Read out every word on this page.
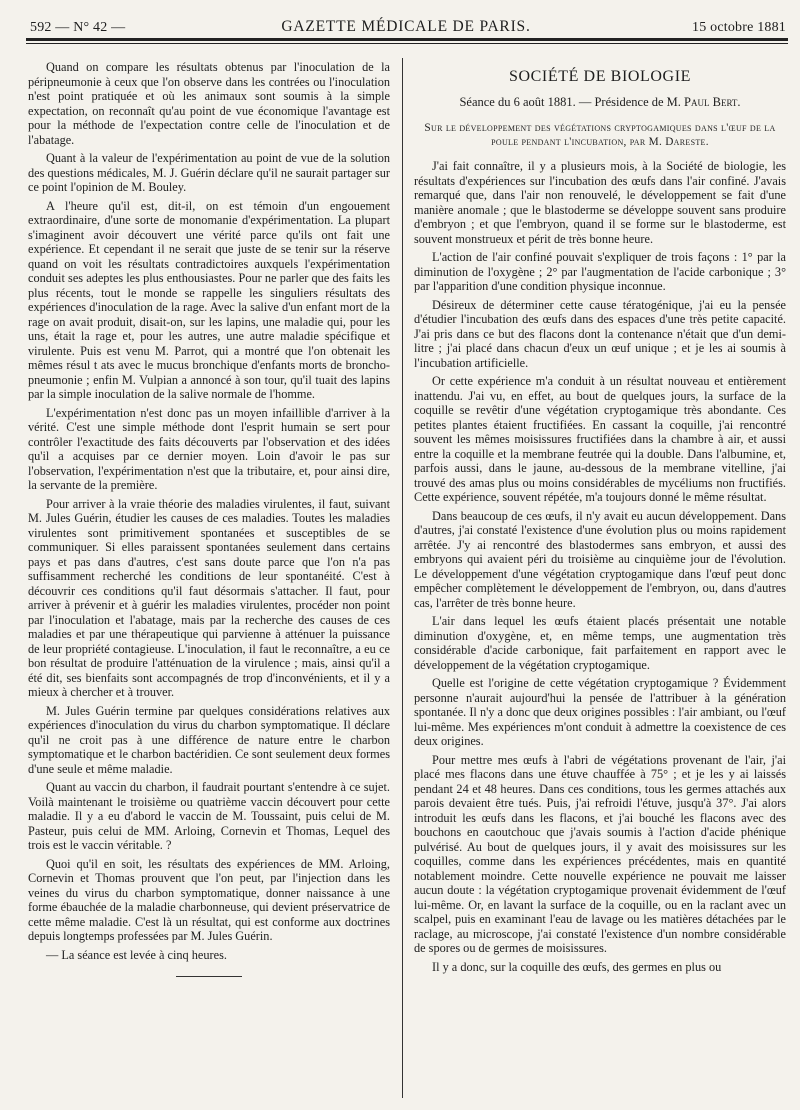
592 — N° 42 —	GAZETTE MÉDICALE DE PARIS.	15 octobre 1881

Quand on compare les résultats obtenus par l'inoculation de la péripneumonie à ceux que l'on observe dans les contrées ou l'inoculation n'est point pratiquée et où les animaux sont soumis à la simple expectation, on reconnaît qu'au point de vue économique l'avantage est pour la méthode de l'expectation contre celle de l'inoculation et de l'abatage.

Quant à la valeur de l'expérimentation au point de vue de la solution des questions médicales, M. J. Guérin déclare qu'il ne saurait partager sur ce point l'opinion de M. Bouley.

A l'heure qu'il est, dit-il, on est témoin d'un engouement extraordinaire, d'une sorte de monomanie d'expérimentation. La plupart s'imaginent avoir découvert une vérité parce qu'ils ont fait une expérience. Et cependant il ne serait que juste de se tenir sur la réserve quand on voit les résultats contradictoires auxquels l'expérimentation conduit ses adeptes les plus enthousiastes. Pour ne parler que des faits les plus récents, tout le monde se rappelle les singuliers résultats des expériences d'inoculation de la rage. Avec la salive d'un enfant mort de la rage on avait produit, disait-on, sur les lapins, une maladie qui, pour les uns, était la rage et, pour les autres, une autre maladie spécifique et virulente. Puis est venu M. Parrot, qui a montré que l'on obtenait les mêmes résul t ats avec le mucus bronchique d'enfants morts de broncho-pneumonie ; enfin M. Vulpian a annoncé à son tour, qu'il tuait des lapins par la simple inoculation de la salive normale de l'homme.

L'expérimentation n'est donc pas un moyen infaillible d'arriver à la vérité. C'est une simple méthode dont l'esprit humain se sert pour contrôler l'exactitude des faits découverts par l'observation et des idées qu'il a acquises par ce dernier moyen. Loin d'avoir le pas sur l'observation, l'expérimentation n'est que la tributaire, et, pour ainsi dire, la servante de la première.

Pour arriver à la vraie théorie des maladies virulentes, il faut, suivant M. Jules Guérin, étudier les causes de ces maladies. Toutes les maladies virulentes sont primitivement spontanées et susceptibles de se communiquer. Si elles paraissent spontanées seulement dans certains pays et pas dans d'autres, c'est sans doute parce que l'on n'a pas suffisamment recherché les conditions de leur spontanéité. C'est à découvrir ces conditions qu'il faut désormais s'attacher. Il faut, pour arriver à prévenir et à guérir les maladies virulentes, procéder non point par l'inoculation et l'abatage, mais par la recherche des causes de ces maladies et par une thérapeutique qui parvienne à atténuer la puissance de leur propriété contagieuse. L'inoculation, il faut le reconnaître, a eu ce bon résultat de produire l'atténuation de la virulence ; mais, ainsi qu'il a été dit, ses bienfaits sont accompagnés de trop d'inconvénients, et il y a mieux à chercher et à trouver.

M. Jules Guérin termine par quelques considérations relatives aux expériences d'inoculation du virus du charbon symptomatique. Il déclare qu'il ne croit pas à une différence de nature entre le charbon symptomatique et le charbon bactéridien. Ce sont seulement deux formes d'une seule et même maladie.

Quant au vaccin du charbon, il faudrait pourtant s'entendre à ce sujet. Voilà maintenant le troisième ou quatrième vaccin découvert pour cette maladie. Il y a eu d'abord le vaccin de M. Toussaint, puis celui de M. Pasteur, puis celui de MM. Arloing, Cornevin et Thomas, Lequel des trois est le vaccin véritable. ?

Quoi qu'il en soit, les résultats des expériences de MM. Arloing, Cornevin et Thomas prouvent que l'on peut, par l'injection dans les veines du virus du charbon symptomatique, donner naissance à une forme ébauchée de la maladie charbonneuse, qui devient préservatrice de cette même maladie. C'est là un résultat, qui est conforme aux doctrines depuis longtemps professées par M. Jules Guérin.

— La séance est levée à cinq heures.

SOCIÉTÉ DE BIOLOGIE
Séance du 6 août 1881. — Présidence de M. Paul Bert.
Sur le développement des végétations cryptogamiques dans l'œuf de la poule pendant l'incubation, par M. Dareste.

J'ai fait connaître, il y a plusieurs mois, à la Société de biologie, les résultats d'expériences sur l'incubation des œufs dans l'air confiné. J'avais remarqué que, dans l'air non renouvelé, le développement se fait d'une manière anomale ; que le blastoderme se développe souvent sans produire d'embryon ; et que l'embryon, quand il se forme sur le blastoderme, est souvent monstrueux et périt de très bonne heure.

L'action de l'air confiné pouvait s'expliquer de trois façons : 1° par la diminution de l'oxygène ; 2° par l'augmentation de l'acide carbonique ; 3° par l'apparition d'une condition physique inconnue.

Désireux de déterminer cette cause tératogénique, j'ai eu la pensée d'étudier l'incubation des œufs dans des espaces d'une très petite capacité. J'ai pris dans ce but des flacons dont la contenance n'était que d'un demi-litre ; j'ai placé dans chacun d'eux un œuf unique ; et je les ai soumis à l'incubation artificielle.

Or cette expérience m'a conduit à un résultat nouveau et entièrement inattendu. J'ai vu, en effet, au bout de quelques jours, la surface de la coquille se revêtir d'une végétation cryptogamique très abondante. Ces petites plantes étaient fructifiées. En cassant la coquille, j'ai rencontré souvent les mêmes moisissures fructifiées dans la chambre à air, et aussi entre la coquille et la membrane feutrée qui la double. Dans l'albumine, et, parfois aussi, dans le jaune, au-dessous de la membrane vitelline, j'ai trouvé des amas plus ou moins considérables de mycéliums non fructifiés. Cette expérience, souvent répétée, m'a toujours donné le même résultat.

Dans beaucoup de ces œufs, il n'y avait eu aucun développement. Dans d'autres, j'ai constaté l'existence d'une évolution plus ou moins rapidement arrêtée. J'y ai rencontré des blastodermes sans embryon, et aussi des embryons qui avaient péri du troisième au cinquième jour de l'évolution. Le développement d'une végétation cryptogamique dans l'œuf peut donc empêcher complètement le développement de l'embryon, ou, dans d'autres cas, l'arrêter de très bonne heure.

L'air dans lequel les œufs étaient placés présentait une notable diminution d'oxygène, et, en même temps, une augmentation très considérable d'acide carbonique, fait parfaitement en rapport avec le développement de la végétation cryptogamique.

Quelle est l'origine de cette végétation cryptogamique ? Évidemment personne n'aurait aujourd'hui la pensée de l'attribuer à la génération spontanée. Il n'y a donc que deux origines possibles : l'air ambiant, ou l'œuf lui-même. Mes expériences m'ont conduit à admettre la coexistence de ces deux origines.

Pour mettre mes œufs à l'abri de végétations provenant de l'air, j'ai placé mes flacons dans une étuve chauffée à 75° ; et je les y ai laissés pendant 24 et 48 heures. Dans ces conditions, tous les germes attachés aux parois devaient être tués. Puis, j'ai refroidi l'étuve, jusqu'à 37°. J'ai alors introduit les œufs dans les flacons, et j'ai bouché les flacons avec des bouchons en caoutchouc que j'avais soumis à l'action d'acide phénique pulvérisé. Au bout de quelques jours, il y avait des moisissures sur les coquilles, comme dans les expériences précédentes, mais en quantité notablement moindre. Cette nouvelle expérience ne pouvait me laisser aucun doute : la végétation cryptogamique provenait évidemment de l'œuf lui-même. Or, en lavant la surface de la coquille, ou en la raclant avec un scalpel, puis en examinant l'eau de lavage ou les matières détachées par le raclage, au microscope, j'ai constaté l'existence d'un nombre considérable de spores ou de germes de moisissures.

Il y a donc, sur la coquille des œufs, des germes en plus ou
